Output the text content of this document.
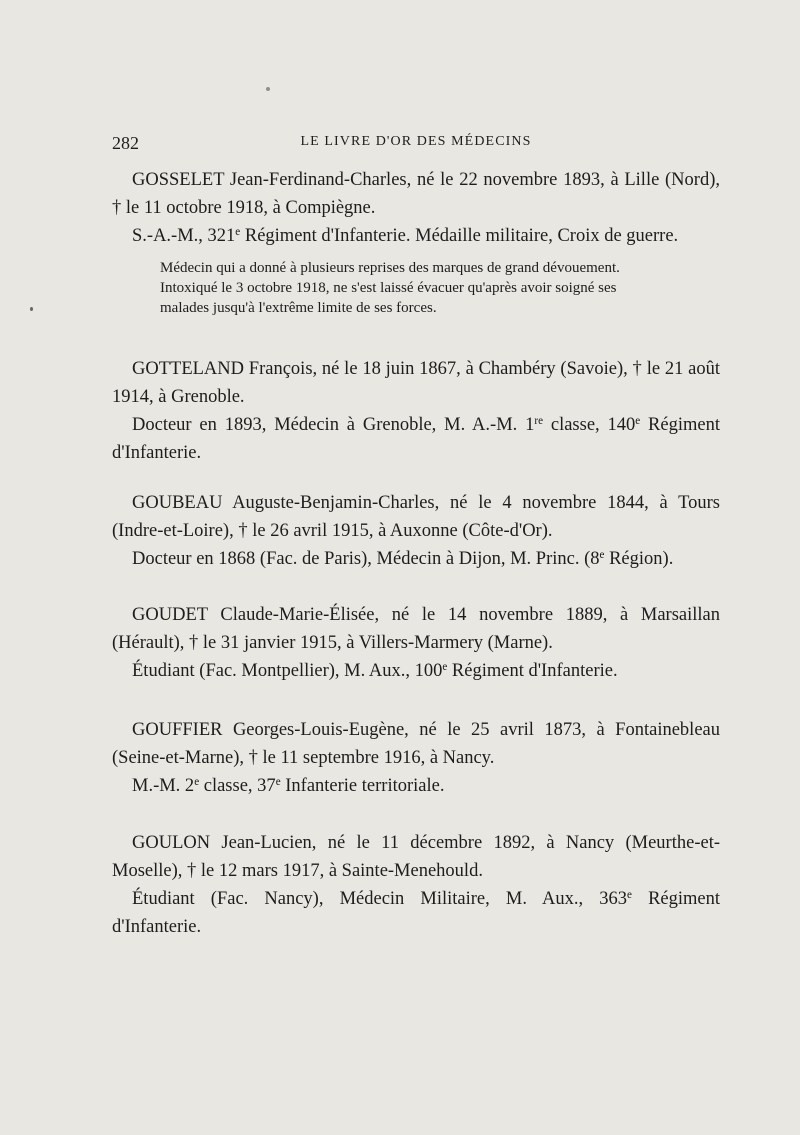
282	LE LIVRE D'OR DES MÉDECINS

GOSSELET Jean-Ferdinand-Charles, né le 22 novembre 1893, à Lille (Nord), † le 11 octobre 1918, à Compiègne.

S.-A.-M., 321e Régiment d'Infanterie. Médaille militaire, Croix de guerre.

Médecin qui a donné à plusieurs reprises des marques de grand dévouement.
Intoxiqué le 3 octobre 1918, ne s'est laissé évacuer qu'après avoir soigné ses
malades jusqu'à l'extrême limite de ses forces.

GOTTELAND François, né le 18 juin 1867, à Chambéry (Savoie), † le 21 août 1914, à Grenoble.

Docteur en 1893, Médecin à Grenoble, M. A.-M. 1re classe, 140e Régiment d'Infanterie.

GOUBEAU Auguste-Benjamin-Charles, né le 4 novembre 1844, à Tours (Indre-et-Loire), † le 26 avril 1915, à Auxonne (Côte-d'Or).

Docteur en 1868 (Fac. de Paris), Médecin à Dijon, M. Princ. (8e Région).

GOUDET Claude-Marie-Élisée, né le 14 novembre 1889, à Marsaillan (Hérault), † le 31 janvier 1915, à Villers-Marmery (Marne).

Étudiant (Fac. Montpellier), M. Aux., 100e Régiment d'Infanterie.

GOUFFIER Georges-Louis-Eugène, né le 25 avril 1873, à Fontainebleau (Seine-et-Marne), † le 11 septembre 1916, à Nancy.

M.-M. 2e classe, 37e Infanterie territoriale.

GOULON Jean-Lucien, né le 11 décembre 1892, à Nancy (Meurthe-et-Moselle), † le 12 mars 1917, à Sainte-Menehould.

Étudiant (Fac. Nancy), Médecin Militaire, M. Aux., 363e Régiment d'Infanterie.
